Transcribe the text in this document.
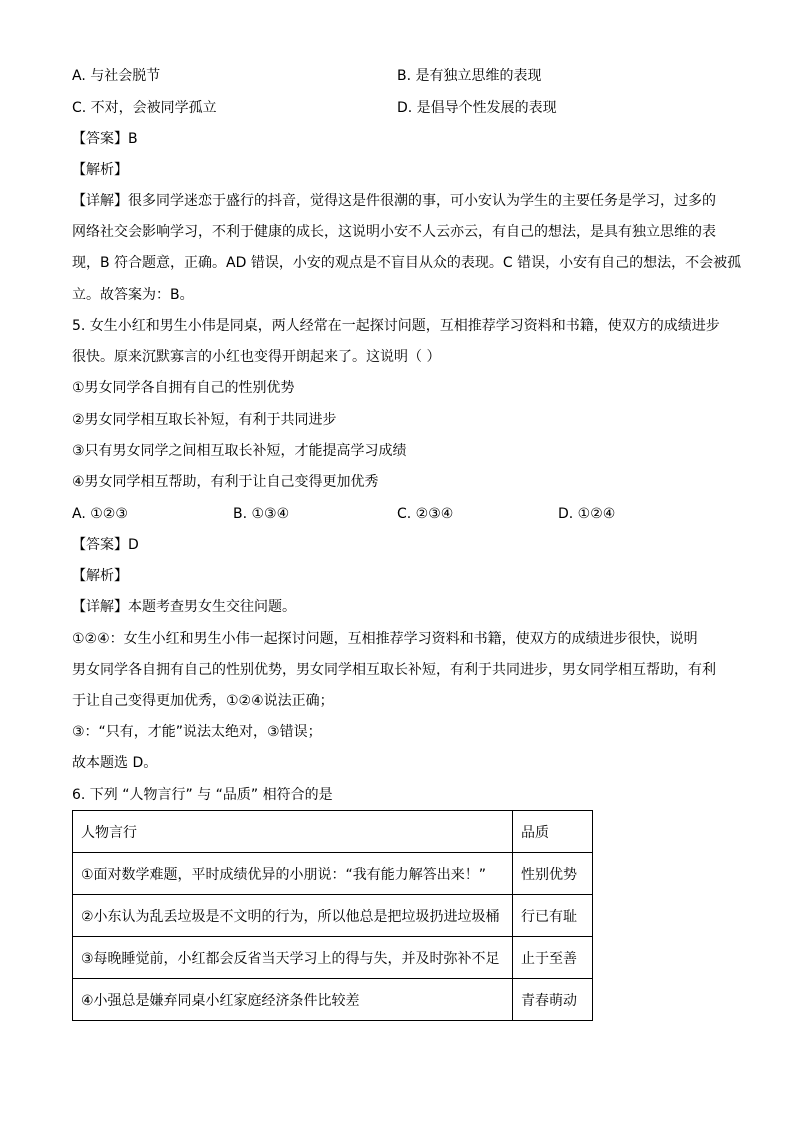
A. 与社会脱节	B. 是有独立思维的表现
C. 不对，会被同学孤立	D. 是倡导个性发展的表现
【答案】B
【解析】
【详解】很多同学迷恋于盛行的抖音，觉得这是件很潮的事，可小安认为学生的主要任务是学习，过多的
网络社交会影响学习，不利于健康的成长，这说明小安不人云亦云，有自己的想法，是具有独立思维的表
现，B 符合题意，正确。AD 错误，小安的观点是不盲目从众的表现。C 错误，小安有自己的想法，不会被孤
立。故答案为：B。
5. 女生小红和男生小伟是同桌，两人经常在一起探讨问题，互相推荐学习资料和书籍，使双方的成绩进步
很快。原来沉默寡言的小红也变得开朗起来了。这说明（ ）
①男女同学各自拥有自己的性别优势
②男女同学相互取长补短，有利于共同进步
③只有男女同学之间相互取长补短，才能提高学习成绩
④男女同学相互帮助，有利于让自己变得更加优秀
A. ①②③	B. ①③④	C. ②③④	D. ①②④
【答案】D
【解析】
【详解】本题考查男女生交往问题。
①②④：女生小红和男生小伟一起探讨问题，互相推荐学习资料和书籍，使双方的成绩进步很快，说明
男女同学各自拥有自己的性别优势，男女同学相互取长补短，有利于共同进步，男女同学相互帮助，有利
于让自己变得更加优秀，①②④说法正确；
③：“只有，才能”说法太绝对，③错误；
故本题选 D。
6. 下列 “人物言行” 与 “品质” 相符合的是
人物言行	品质
①面对数学难题，平时成绩优异的小朋说：“我有能力解答出来！”	性别优势
②小东认为乱丢垃圾是不文明的行为，所以他总是把垃圾扔进垃圾桶	行已有耻
③每晚睡觉前，小红都会反省当天学习上的得与失，并及时弥补不足	止于至善
④小强总是嫌弃同桌小红家庭经济条件比较差	青春萌动
